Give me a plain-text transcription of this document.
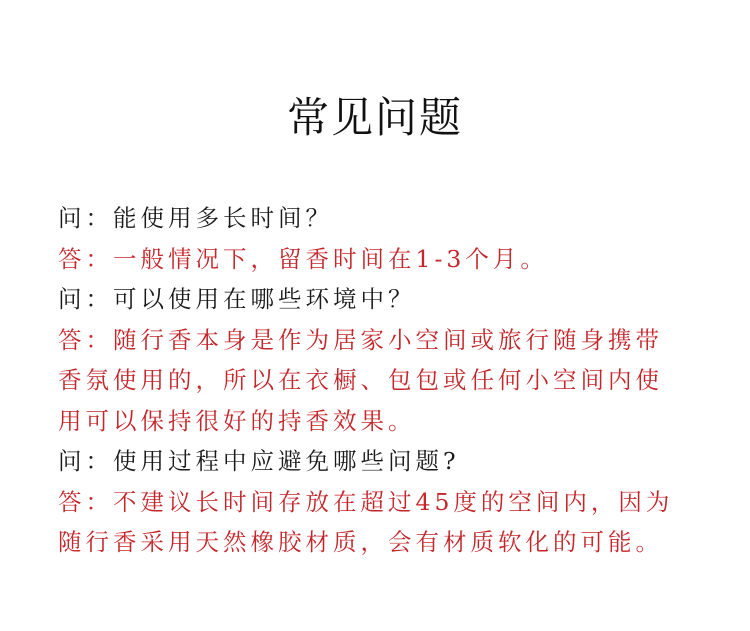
常见问题
问：能使用多长时间？
答：一般情况下，留香时间在1-3个月。
问：可以使用在哪些环境中？
答：随行香本身是作为居家小空间或旅行随身携带
香氛使用的，所以在衣橱、包包或任何小空间内使
用可以保持很好的持香效果。
问：使用过程中应避免哪些问题?
答：不建议长时间存放在超过45度的空间内，因为
随行香采用天然橡胶材质，会有材质软化的可能。
